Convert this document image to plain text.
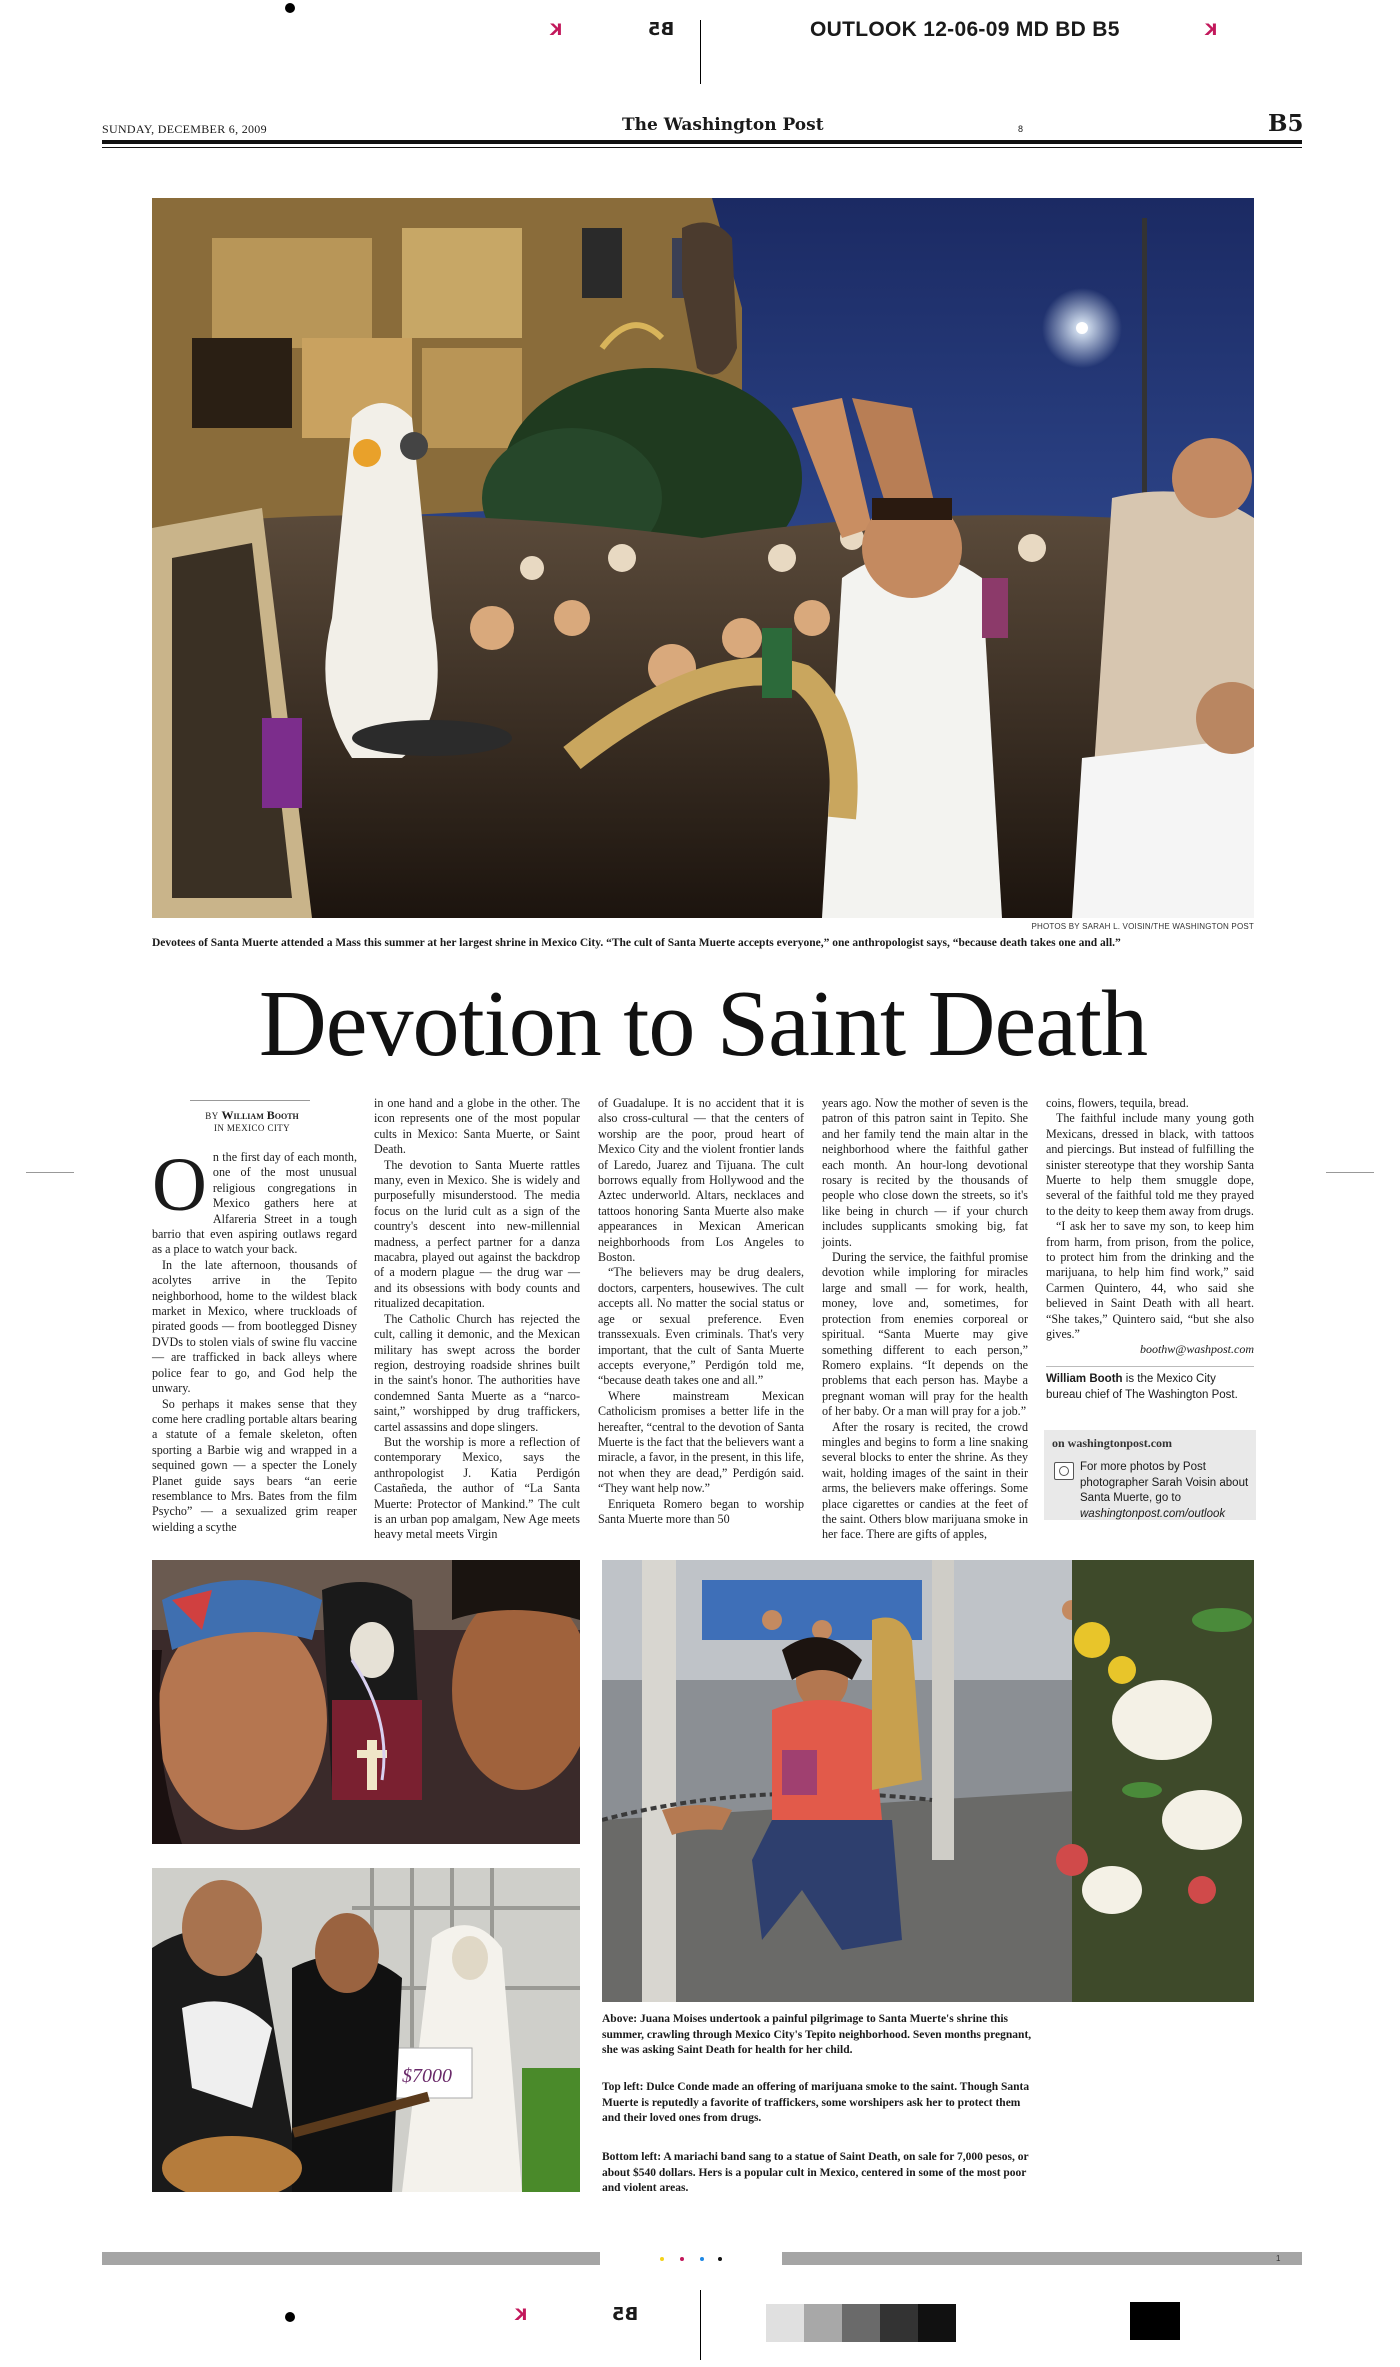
K	B5	OUTLOOK 12-06-09 MD BD B5	K
SUNDAY, DECEMBER 6, 2009	The Washington Post	8	B5
PHOTOS BY SARAH L. VOISIN/THE WASHINGTON POST
Devotees of Santa Muerte attended a Mass this summer at her largest shrine in Mexico City. “The cult of Santa Muerte accepts everyone,” one anthropologist says, “because death takes one and all.”
Devotion to Saint Death
BY William Booth
IN MEXICO CITY

On the first day of each month, one of the most unusual religious congregations in Mexico gathers here at Alfareria Street in a tough barrio that even aspiring outlaws regard as a place to watch your back.

In the late afternoon, thousands of acolytes arrive in the Tepito neighborhood, home to the wildest black market in Mexico, where truckloads of pirated goods — from bootlegged Disney DVDs to stolen vials of swine flu vaccine — are trafficked in back alleys where police fear to go, and God help the unwary.

So perhaps it makes sense that they come here cradling portable altars bearing a statute of a female skeleton, often sporting a Barbie wig and wrapped in a sequined gown — a specter the Lonely Planet guide says bears “an eerie resemblance to Mrs. Bates from the film Psycho” — a sexualized grim reaper wielding a scythe

in one hand and a globe in the other. The icon represents one of the most popular cults in Mexico: Santa Muerte, or Saint Death.

The devotion to Santa Muerte rattles many, even in Mexico. She is widely and purposefully misunderstood. The media focus on the lurid cult as a sign of the country's descent into new-millennial madness, a perfect partner for a danza macabra, played out against the backdrop of a modern plague — the drug war — and its obsessions with body counts and ritualized decapitation.

The Catholic Church has rejected the cult, calling it demonic, and the Mexican military has swept across the border region, destroying roadside shrines built in the saint's honor. The authorities have condemned Santa Muerte as a “narco-saint,” worshipped by drug traffickers, cartel assassins and dope slingers.

But the worship is more a reflection of contemporary Mexico, says the anthropologist J. Katia Perdigón Castañeda, the author of “La Santa Muerte: Protector of Mankind.” The cult is an urban pop amalgam, New Age meets heavy metal meets Virgin

of Guadalupe. It is no accident that it is also cross-cultural — that the centers of worship are the poor, proud heart of Mexico City and the violent frontier lands of Laredo, Juarez and Tijuana. The cult borrows equally from Hollywood and the Aztec underworld. Altars, necklaces and tattoos honoring Santa Muerte also make appearances in Mexican American neighborhoods from Los Angeles to Boston.

“The believers may be drug dealers, doctors, carpenters, housewives. The cult accepts all. No matter the social status or age or sexual preference. Even transsexuals. Even criminals. That's very important, that the cult of Santa Muerte accepts everyone,” Perdigón told me, “because death takes one and all.”

Where mainstream Mexican Catholicism promises a better life in the hereafter, “central to the devotion of Santa Muerte is the fact that the believers want a miracle, a favor, in the present, in this life, not when they are dead,” Perdigón said. “They want help now.”

Enriqueta Romero began to worship Santa Muerte more than 50

years ago. Now the mother of seven is the patron of this patron saint in Tepito. She and her family tend the main altar in the neighborhood where the faithful gather each month. An hour-long devotional rosary is recited by the thousands of people who close down the streets, so it's like being in church — if your church includes supplicants smoking big, fat joints.

During the service, the faithful promise devotion while imploring for miracles large and small — for work, health, money, love and, sometimes, for protection from enemies corporeal or spiritual. “Santa Muerte may give something different to each person,” Romero explains. “It depends on the problems that each person has. Maybe a pregnant woman will pray for the health of her baby. Or a man will pray for a job.”

After the rosary is recited, the crowd mingles and begins to form a line snaking several blocks to enter the shrine. As they wait, holding images of the saint in their arms, the believers make offerings. Some place cigarettes or candies at the feet of the saint. Others blow marijuana smoke in her face. There are gifts of apples,

coins, flowers, tequila, bread.

The faithful include many young goth Mexicans, dressed in black, with tattoos and piercings. But instead of fulfilling the sinister stereotype that they worship Santa Muerte to help them smuggle dope, several of the faithful told me they prayed to the deity to keep them away from drugs.

“I ask her to save my son, to keep him from harm, from prison, from the police, to protect him from the drinking and the marijuana, to help him find work,” said Carmen Quintero, 44, who said she believed in Saint Death with all heart. “She takes,” Quintero said, “but she also gives.”

boothw@washpost.com
William Booth is the Mexico City bureau chief of The Washington Post.
on washingtonpost.com
For more photos by Post photographer Sarah Voisin about Santa Muerte, go to washingtonpost.com/outlook
$7000
Above: Juana Moises undertook a painful pilgrimage to Santa Muerte's shrine this summer, crawling through Mexico City's Tepito neighborhood. Seven months pregnant, she was asking Saint Death for health for her child.
Top left: Dulce Conde made an offering of marijuana smoke to the saint. Though Santa Muerte is reputedly a favorite of traffickers, some worshipers ask her to protect them and their loved ones from drugs.
Bottom left: A mariachi band sang to a statue of Saint Death, on sale for 7,000 pesos, or about $540 dollars. Hers is a popular cult in Mexico, centered in some of the most poor and violent areas.
1
K	B5
